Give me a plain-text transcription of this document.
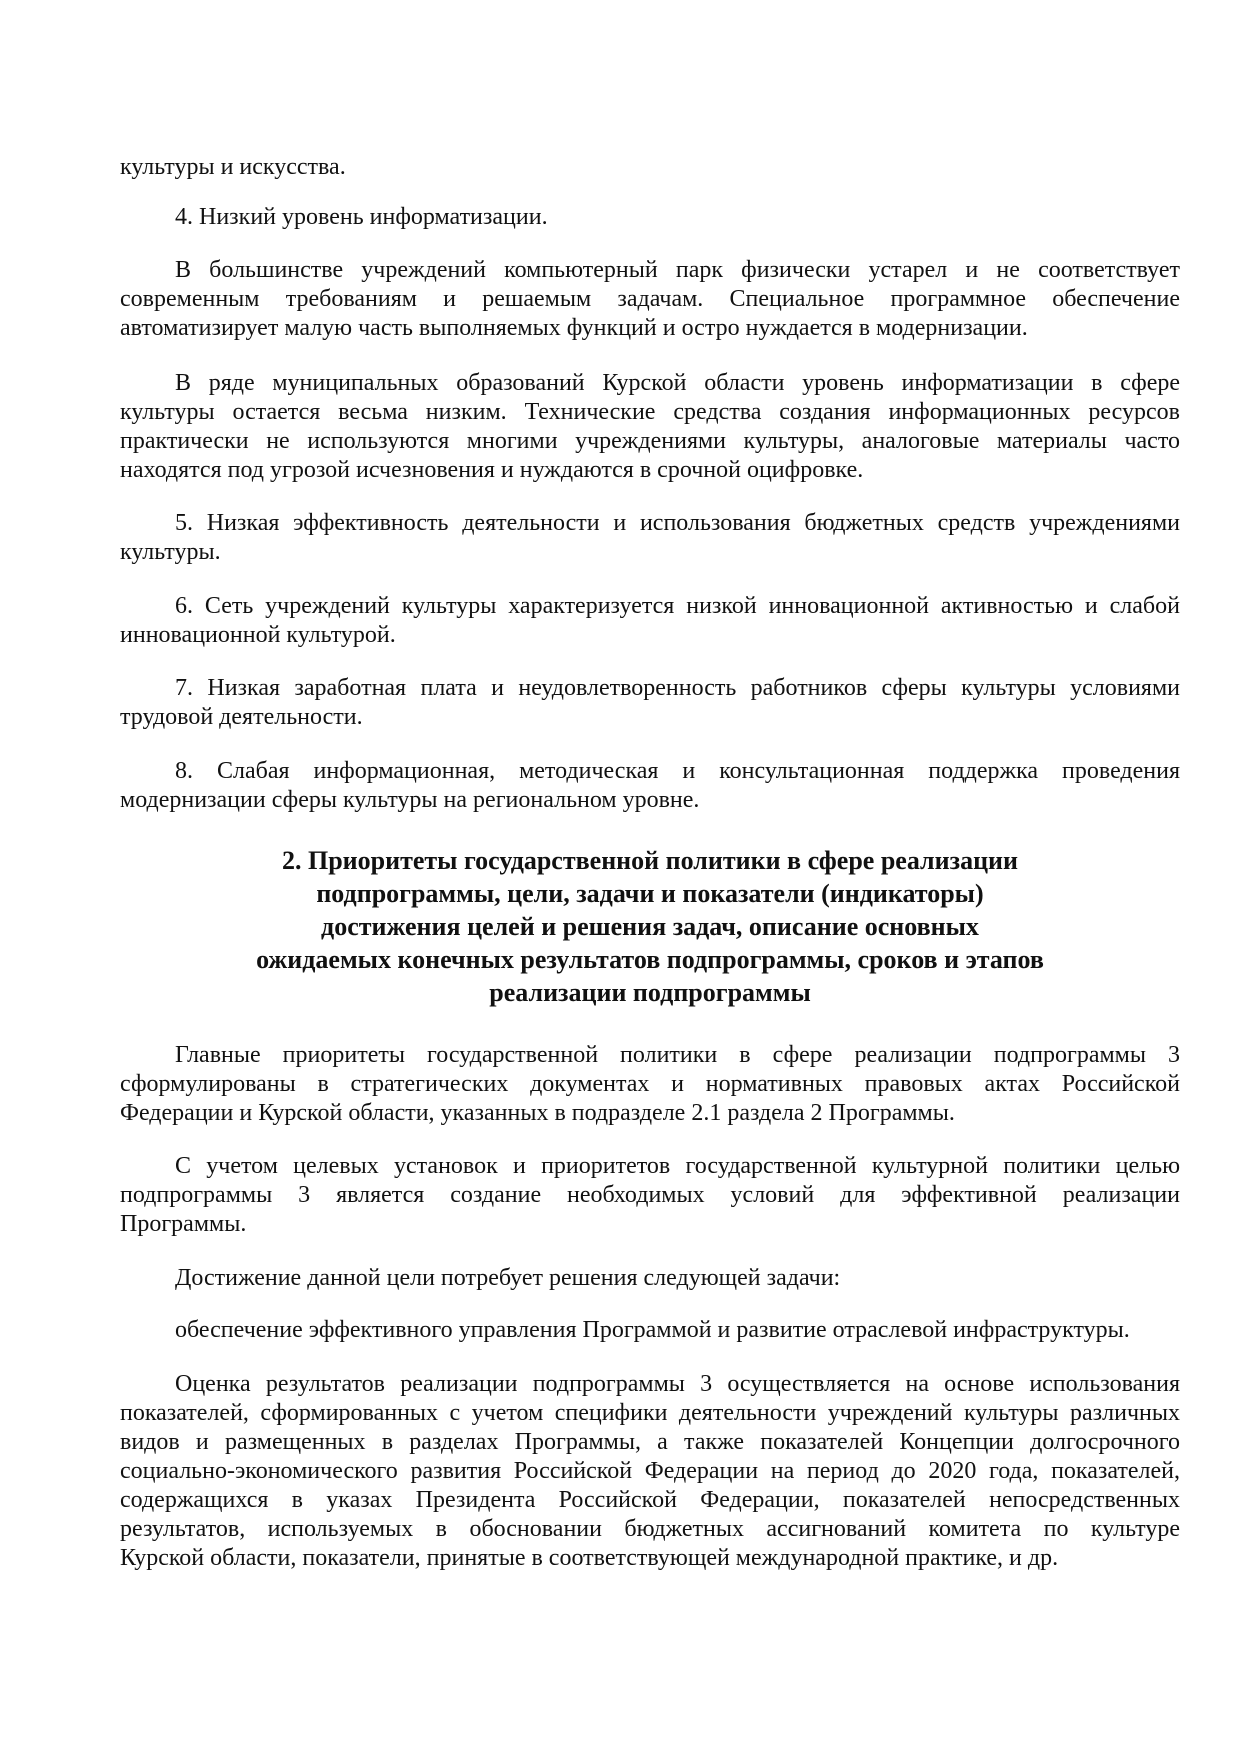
2. Приоритеты государственной политики в сфере реализации
подпрограммы, цели, задачи и показатели (индикаторы)
достижения целей и решения задач, описание основных
ожидаемых конечных результатов подпрограммы, сроков и этапов
реализации подпрограммы
культуры и искусства.
4. Низкий уровень информатизации.
В большинстве учреждений компьютерный парк физически устарел и не соответствует
современным требованиям и решаемым задачам. Специальное программное обеспечение
автоматизирует малую часть выполняемых функций и остро нуждается в модернизации.
В ряде муниципальных образований Курской области уровень информатизации в сфере
культуры остается весьма низким. Технические средства создания информационных ресурсов
практически не используются многими учреждениями культуры, аналоговые материалы часто
находятся под угрозой исчезновения и нуждаются в срочной оцифровке.
5. Низкая эффективность деятельности и использования бюджетных средств учреждениями
культуры.
6. Сеть учреждений культуры характеризуется низкой инновационной активностью и слабой
инновационной культурой.
7. Низкая заработная плата и неудовлетворенность работников сферы культуры условиями
трудовой деятельности.
8. Слабая информационная, методическая и консультационная поддержка проведения
модернизации сферы культуры на региональном уровне.
Главные приоритеты государственной политики в сфере реализации подпрограммы 3
сформулированы в стратегических документах и нормативных правовых актах Российской
Федерации и Курской области, указанных в подразделе 2.1 раздела 2 Программы.
С учетом целевых установок и приоритетов государственной культурной политики целью
подпрограммы 3 является создание необходимых условий для эффективной реализации
Программы.
Достижение данной цели потребует решения следующей задачи:
обеспечение эффективного управления Программой и развитие отраслевой инфраструктуры.
Оценка результатов реализации подпрограммы 3 осуществляется на основе использования
показателей, сформированных с учетом специфики деятельности учреждений культуры различных
видов и размещенных в разделах Программы, а также показателей Концепции долгосрочного
социально-экономического развития Российской Федерации на период до 2020 года, показателей,
содержащихся в указах Президента Российской Федерации, показателей непосредственных
результатов, используемых в обосновании бюджетных ассигнований комитета по культуре
Курской области, показатели, принятые в соответствующей международной практике, и др.
